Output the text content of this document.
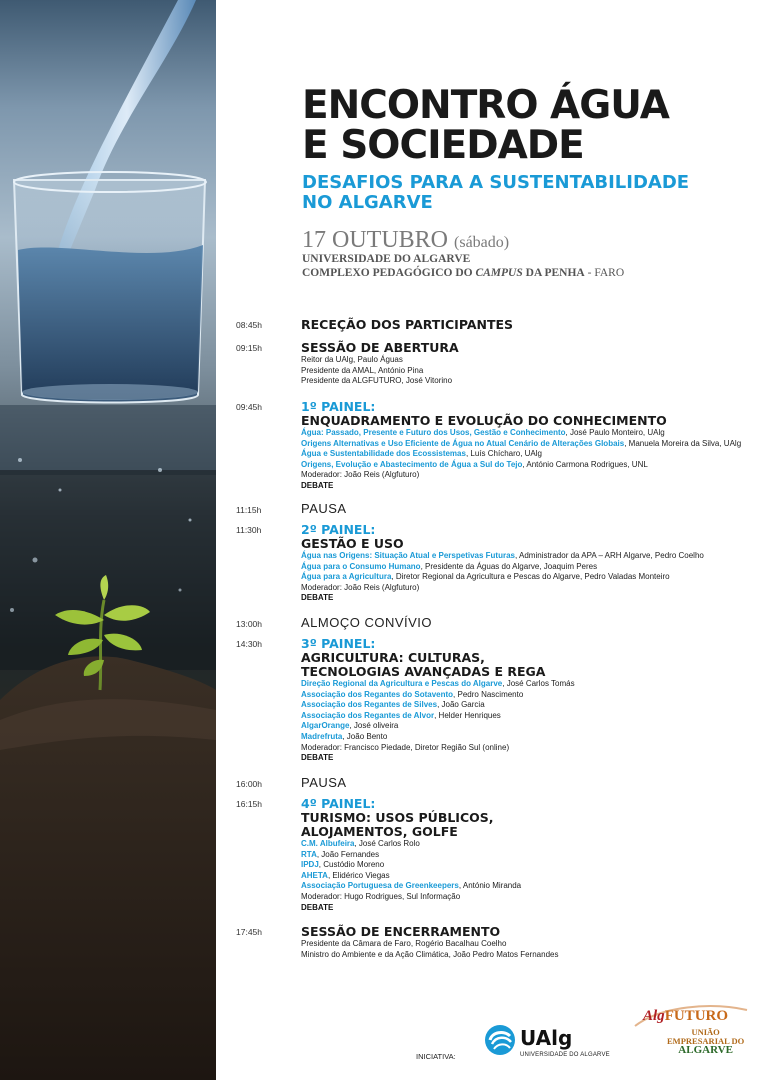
ENCONTRO ÁGUA
E SOCIEDADE
DESAFIOS PARA A SUSTENTABILIDADE
NO ALGARVE
17 OUTUBRO (sábado)
UNIVERSIDADE DO ALGARVE
COMPLEXO PEDAGÓGICO DO CAMPUS DA PENHA - FARO
08:45h	RECEÇÃO DOS PARTICIPANTES
09:15h	SESSÃO DE ABERTURA
Reitor da UAlg, Paulo Águas
Presidente da AMAL, António Pina
Presidente da ALGFUTURO, José Vitorino
09:45h	1º PAINEL:
ENQUADRAMENTO E EVOLUÇÃO DO CONHECIMENTO
Água: Passado, Presente e Futuro dos Usos, Gestão e Conhecimento, José Paulo Monteiro, UAlg
Origens Alternativas e Uso Eficiente de Água no Atual Cenário de Alterações Globais, Manuela Moreira da Silva, UAlg
Água e Sustentabilidade dos Ecossistemas, Luís Chícharo, UAlg
Origens, Evolução e Abastecimento de Água a Sul do Tejo, António Carmona Rodrigues, UNL
Moderador: João Reis (Algfuturo)
DEBATE
11:15h	PAUSA
11:30h	2º PAINEL:
GESTÃO E USO
Água nas Origens: Situação Atual e Perspetivas Futuras, Administrador da APA – ARH Algarve, Pedro Coelho
Água para o Consumo Humano, Presidente da Águas do Algarve, Joaquim Peres
Água para a Agricultura, Diretor Regional da Agricultura e Pescas do Algarve, Pedro Valadas Monteiro
Moderador: João Reis (Algfuturo)
DEBATE
13:00h	ALMOÇO CONVÍVIO
14:30h	3º PAINEL:
AGRICULTURA: CULTURAS,
TECNOLOGIAS AVANÇADAS E REGA
Direção Regional da Agricultura e Pescas do Algarve, José Carlos Tomás
Associação dos Regantes do Sotavento, Pedro Nascimento
Associação dos Regantes de Silves, João Garcia
Associação dos Regantes de Alvor, Helder Henriques
AlgarOrange, José oliveira
Madrefruta, João Bento
Moderador: Francisco Piedade, Diretor Região Sul (online)
DEBATE
16:00h	PAUSA
16:15h	4º PAINEL:
TURISMO: USOS PÚBLICOS,
ALOJAMENTOS, GOLFE
C.M. Albufeira, José Carlos Rolo
RTA, João Fernandes
IPDJ, Custódio Moreno
AHETA, Elidérico Viegas
Associação Portuguesa de Greenkeepers, António Miranda
Moderador: Hugo Rodrigues, Sul Informação
DEBATE
17:45h	SESSÃO DE ENCERRAMENTO
Presidente da Câmara de Faro, Rogério Bacalhau Coelho
Ministro do Ambiente e da Ação Climática, João Pedro Matos Fernandes
INICIATIVA:
UAlg
UNIVERSIDADE DO ALGARVE
AlgFUTURO
UNIÃO
EMPRESARIAL DO
ALGARVE
